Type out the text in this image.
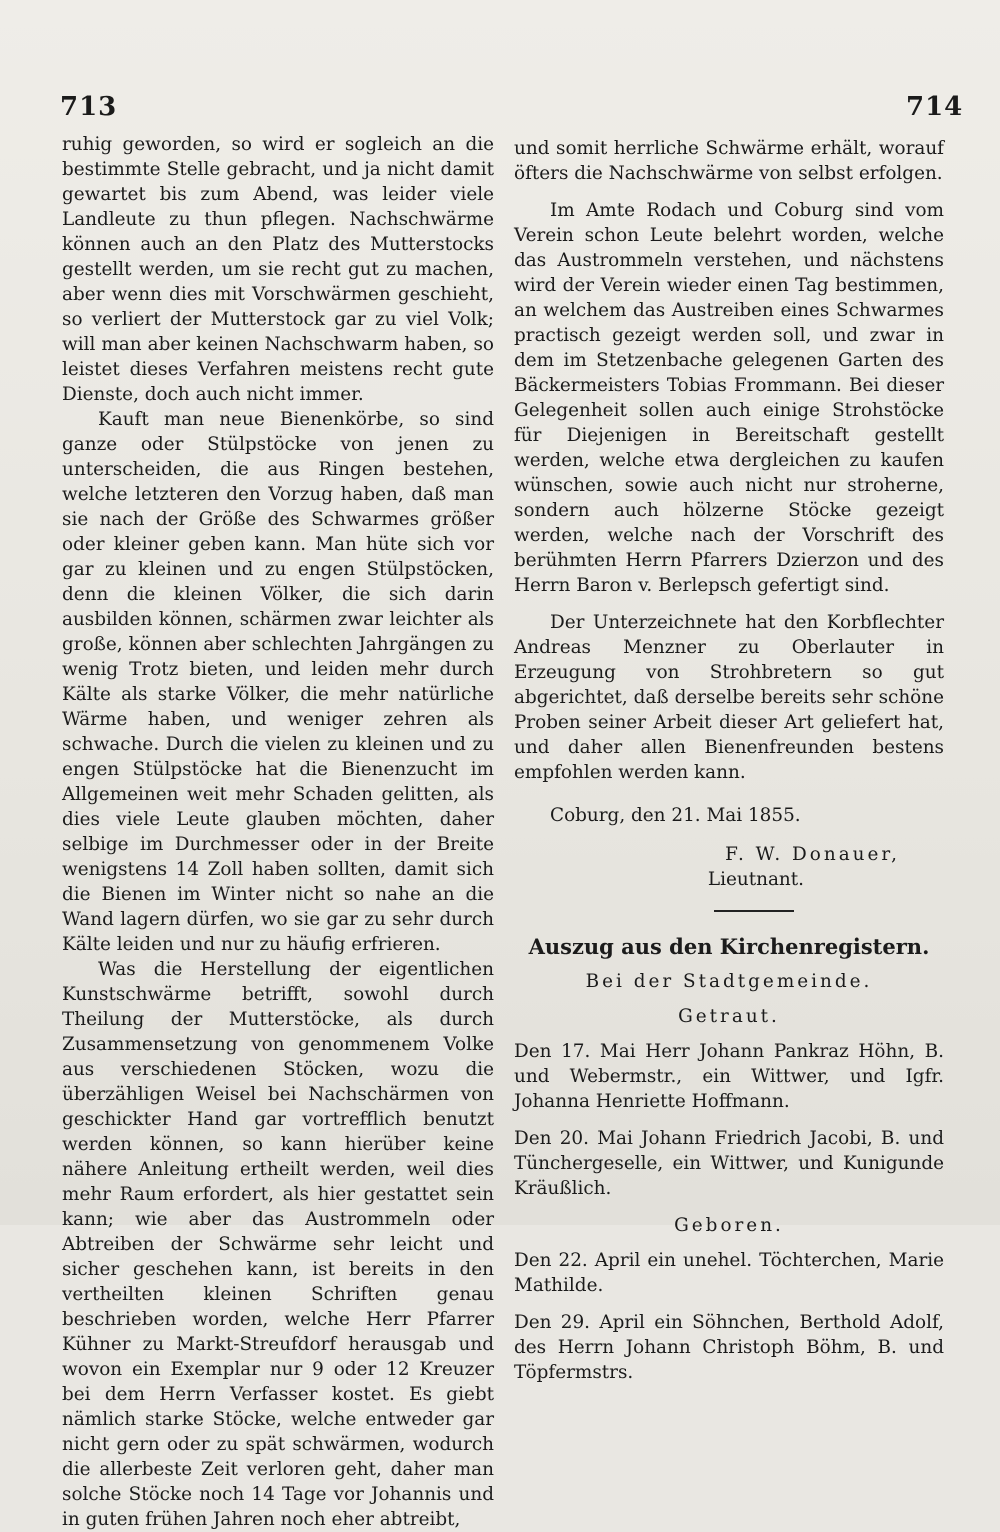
713	714

ruhig geworden, so wird er sogleich an die bestimmte Stelle gebracht, und ja nicht damit gewartet bis zum Abend, was leider viele Landleute zu thun pflegen. Nachschwärme können auch an den Platz des Mutterstocks gestellt werden, um sie recht gut zu machen, aber wenn dies mit Vorschwärmen geschieht, so verliert der Mutterstock gar zu viel Volk; will man aber keinen Nachschwarm haben, so leistet dieses Verfahren meistens recht gute Dienste, doch auch nicht immer.

Kauft man neue Bienenkörbe, so sind ganze oder Stülpstöcke von jenen zu unterscheiden, die aus Ringen bestehen, welche letzteren den Vorzug haben, daß man sie nach der Größe des Schwarmes größer oder kleiner geben kann. Man hüte sich vor gar zu kleinen und zu engen Stülpstöcken, denn die kleinen Völker, die sich darin ausbilden können, schärmen zwar leichter als große, können aber schlechten Jahrgängen zu wenig Trotz bieten, und leiden mehr durch Kälte als starke Völker, die mehr natürliche Wärme haben, und weniger zehren als schwache. Durch die vielen zu kleinen und zu engen Stülpstöcke hat die Bienenzucht im Allgemeinen weit mehr Schaden gelitten, als dies viele Leute glauben möchten, daher selbige im Durchmesser oder in der Breite wenigstens 14 Zoll haben sollten, damit sich die Bienen im Winter nicht so nahe an die Wand lagern dürfen, wo sie gar zu sehr durch Kälte leiden und nur zu häufig erfrieren.

Was die Herstellung der eigentlichen Kunstschwärme betrifft, sowohl durch Theilung der Mutterstöcke, als durch Zusammensetzung von genommenem Volke aus verschiedenen Stöcken, wozu die überzähligen Weisel bei Nachschärmen von geschickter Hand gar vortrefflich benutzt werden können, so kann hierüber keine nähere Anleitung ertheilt werden, weil dies mehr Raum erfordert, als hier gestattet sein kann; wie aber das Austrommeln oder Abtreiben der Schwärme sehr leicht und sicher geschehen kann, ist bereits in den vertheilten kleinen Schriften genau beschrieben worden, welche Herr Pfarrer Kühner zu Markt-Streufdorf herausgab und wovon ein Exemplar nur 9 oder 12 Kreuzer bei dem Herrn Verfasser kostet. Es giebt nämlich starke Stöcke, welche entweder gar nicht gern oder zu spät schwärmen, wodurch die allerbeste Zeit verloren geht, daher man solche Stöcke noch 14 Tage vor Johannis und in guten frühen Jahren noch eher abtreibt,

und somit herrliche Schwärme erhält, worauf öfters die Nachschwärme von selbst erfolgen.

Im Amte Rodach und Coburg sind vom Verein schon Leute belehrt worden, welche das Austrommeln verstehen, und nächstens wird der Verein wieder einen Tag bestimmen, an welchem das Austreiben eines Schwarmes practisch gezeigt werden soll, und zwar in dem im Stetzenbache gelegenen Garten des Bäckermeisters Tobias Frommann. Bei dieser Gelegenheit sollen auch einige Strohstöcke für Diejenigen in Bereitschaft gestellt werden, welche etwa dergleichen zu kaufen wünschen, sowie auch nicht nur stroherne, sondern auch hölzerne Stöcke gezeigt werden, welche nach der Vorschrift des berühmten Herrn Pfarrers Dzierzon und des Herrn Baron v. Berlepsch gefertigt sind.

Der Unterzeichnete hat den Korbflechter Andreas Menzner zu Oberlauter in Erzeugung von Strohbretern so gut abgerichtet, daß derselbe bereits sehr schöne Proben seiner Arbeit dieser Art geliefert hat, und daher allen Bienenfreunden bestens empfohlen werden kann.

Coburg, den 21. Mai 1855.

F. W. Donauer,

Lieutnant.

Auszug aus den Kirchenregistern.

Bei der Stadtgemeinde.

Getraut.

Den 17. Mai Herr Johann Pankraz Höhn, B. und Webermstr., ein Wittwer, und Igfr. Johanna Henriette Hoffmann.

Den 20. Mai Johann Friedrich Jacobi, B. und Tünchergeselle, ein Wittwer, und Kunigunde Kräußlich.

Geboren.

Den 22. April ein unehel. Töchterchen, Marie Mathilde.

Den 29. April ein Söhnchen, Berthold Adolf, des Herrn Johann Christoph Böhm, B. und Töpfermstrs.
